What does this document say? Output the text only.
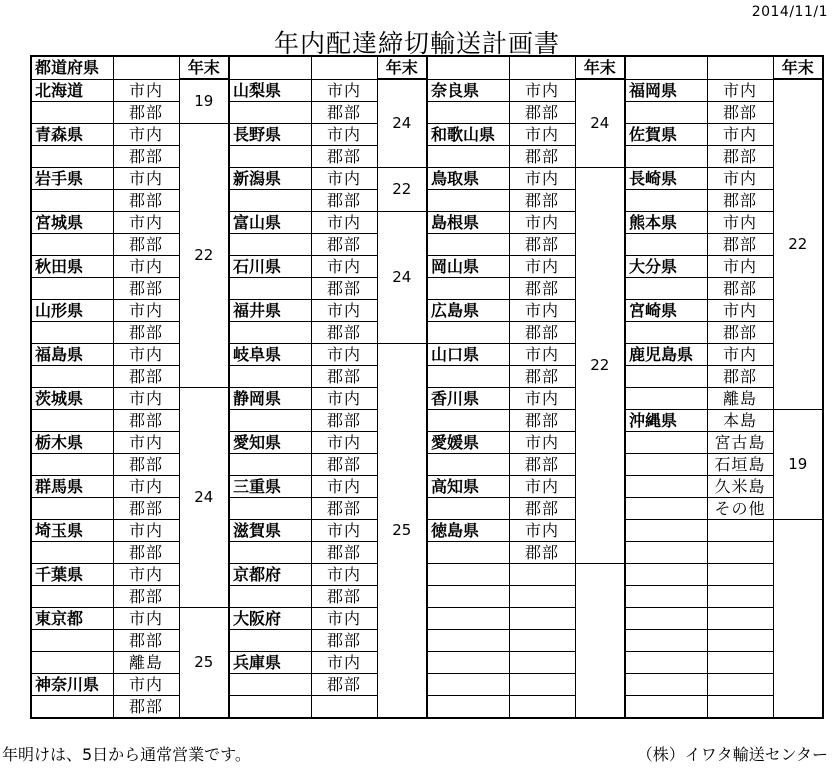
2014/11/1
年内配達締切輸送計画書
都道府県		年末			年末			年末			年末
北海道	市内	19	山梨県	市内	24	奈良県	市内	24	福岡県	市内	22
	郡部			郡部			郡部			郡部	
青森県	市内	22	長野県	市内		和歌山県	市内		佐賀県	市内	
	郡部			郡部			郡部			郡部	
岩手県	市内		新潟県	市内	22	鳥取県	市内	22	長崎県	市内	
	郡部			郡部			郡部			郡部	
宮城県	市内		富山県	市内	24	島根県	市内		熊本県	市内	
	郡部			郡部			郡部			郡部	
秋田県	市内		石川県	市内		岡山県	市内		大分県	市内	
	郡部			郡部			郡部			郡部	
山形県	市内		福井県	市内		広島県	市内		宮崎県	市内	
	郡部			郡部			郡部			郡部	
福島県	市内		岐阜県	市内	25	山口県	市内		鹿児島県	市内	
	郡部			郡部			郡部			郡部	
茨城県	市内	24	静岡県	市内		香川県	市内			離島	
	郡部			郡部			郡部		沖縄県	本島	19
栃木県	市内		愛知県	市内		愛媛県	市内			宮古島	
	郡部			郡部			郡部			石垣島	
群馬県	市内		三重県	市内		高知県	市内			久米島	
	郡部			郡部			郡部			その他	
埼玉県	市内		滋賀県	市内		徳島県	市内				
	郡部			郡部			郡部				
千葉県	市内		京都府	市内							
	郡部			郡部							
東京都	市内	25	大阪府	市内							
	郡部			郡部							
	離島		兵庫県	市内							
神奈川県	市内			郡部							
	郡部										
年明けは、5日から通常営業です。	（株）イワタ輸送センター
